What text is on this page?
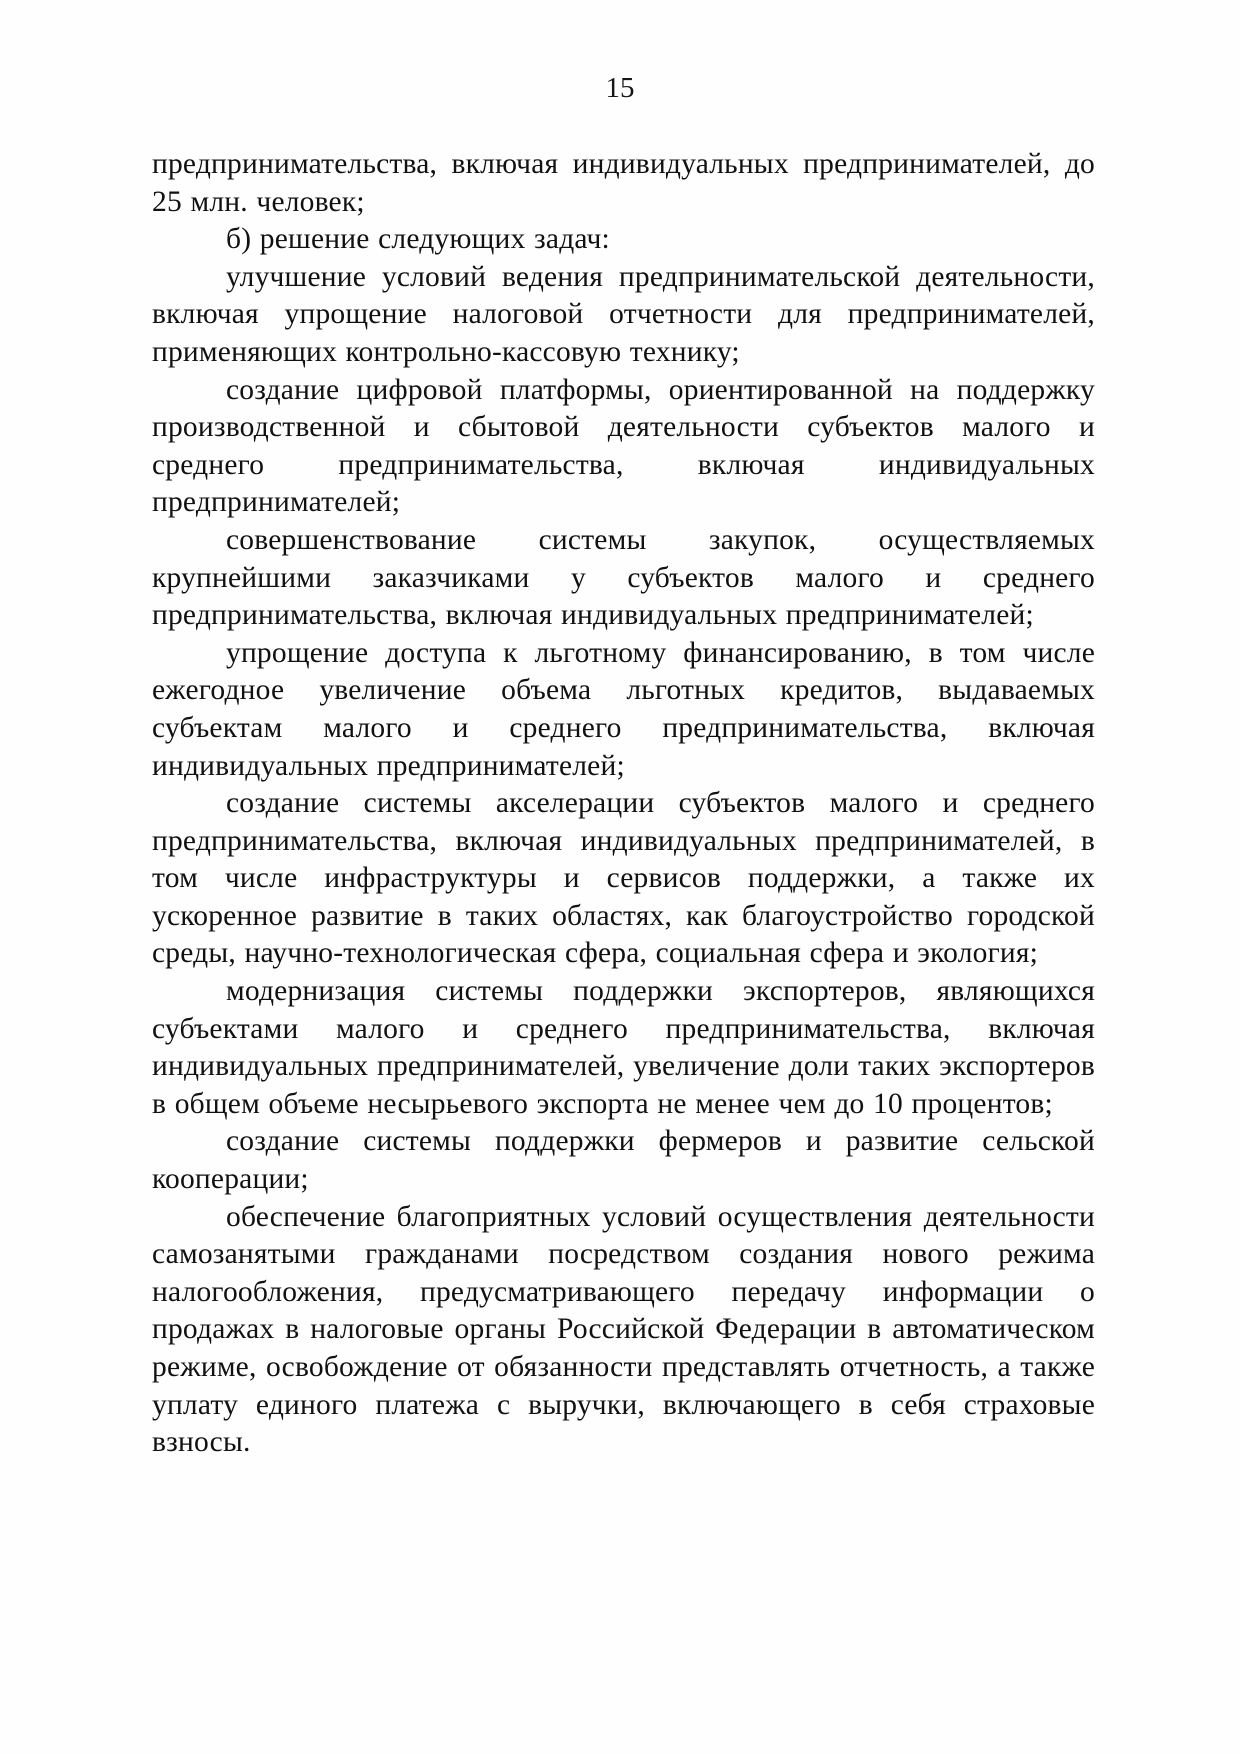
15

предпринимательства, включая индивидуальных предпринимателей, до 25 млн. человек;

б) решение следующих задач:

улучшение условий ведения предпринимательской деятельности, включая упрощение налоговой отчетности для предпринимателей, применяющих контрольно-кассовую технику;

создание цифровой платформы, ориентированной на поддержку производственной и сбытовой деятельности субъектов малого и среднего предпринимательства, включая индивидуальных предпринимателей;

совершенствование системы закупок, осуществляемых крупнейшими заказчиками у субъектов малого и среднего предпринимательства, включая индивидуальных предпринимателей;

упрощение доступа к льготному финансированию, в том числе ежегодное увеличение объема льготных кредитов, выдаваемых субъектам малого и среднего предпринимательства, включая индивидуальных предпринимателей;

создание системы акселерации субъектов малого и среднего предпринимательства, включая индивидуальных предпринимателей, в том числе инфраструктуры и сервисов поддержки, а также их ускоренное развитие в таких областях, как благоустройство городской среды, научно-технологическая сфера, социальная сфера и экология;

модернизация системы поддержки экспортеров, являющихся субъектами малого и среднего предпринимательства, включая индивидуальных предпринимателей, увеличение доли таких экспортеров в общем объеме несырьевого экспорта не менее чем до 10 процентов;

создание системы поддержки фермеров и развитие сельской кооперации;

обеспечение благоприятных условий осуществления деятельности самозанятыми гражданами посредством создания нового режима налогообложения, предусматривающего передачу информации о продажах в налоговые органы Российской Федерации в автоматическом режиме, освобождение от обязанности представлять отчетность, а также уплату единого платежа с выручки, включающего в себя страховые взносы.
